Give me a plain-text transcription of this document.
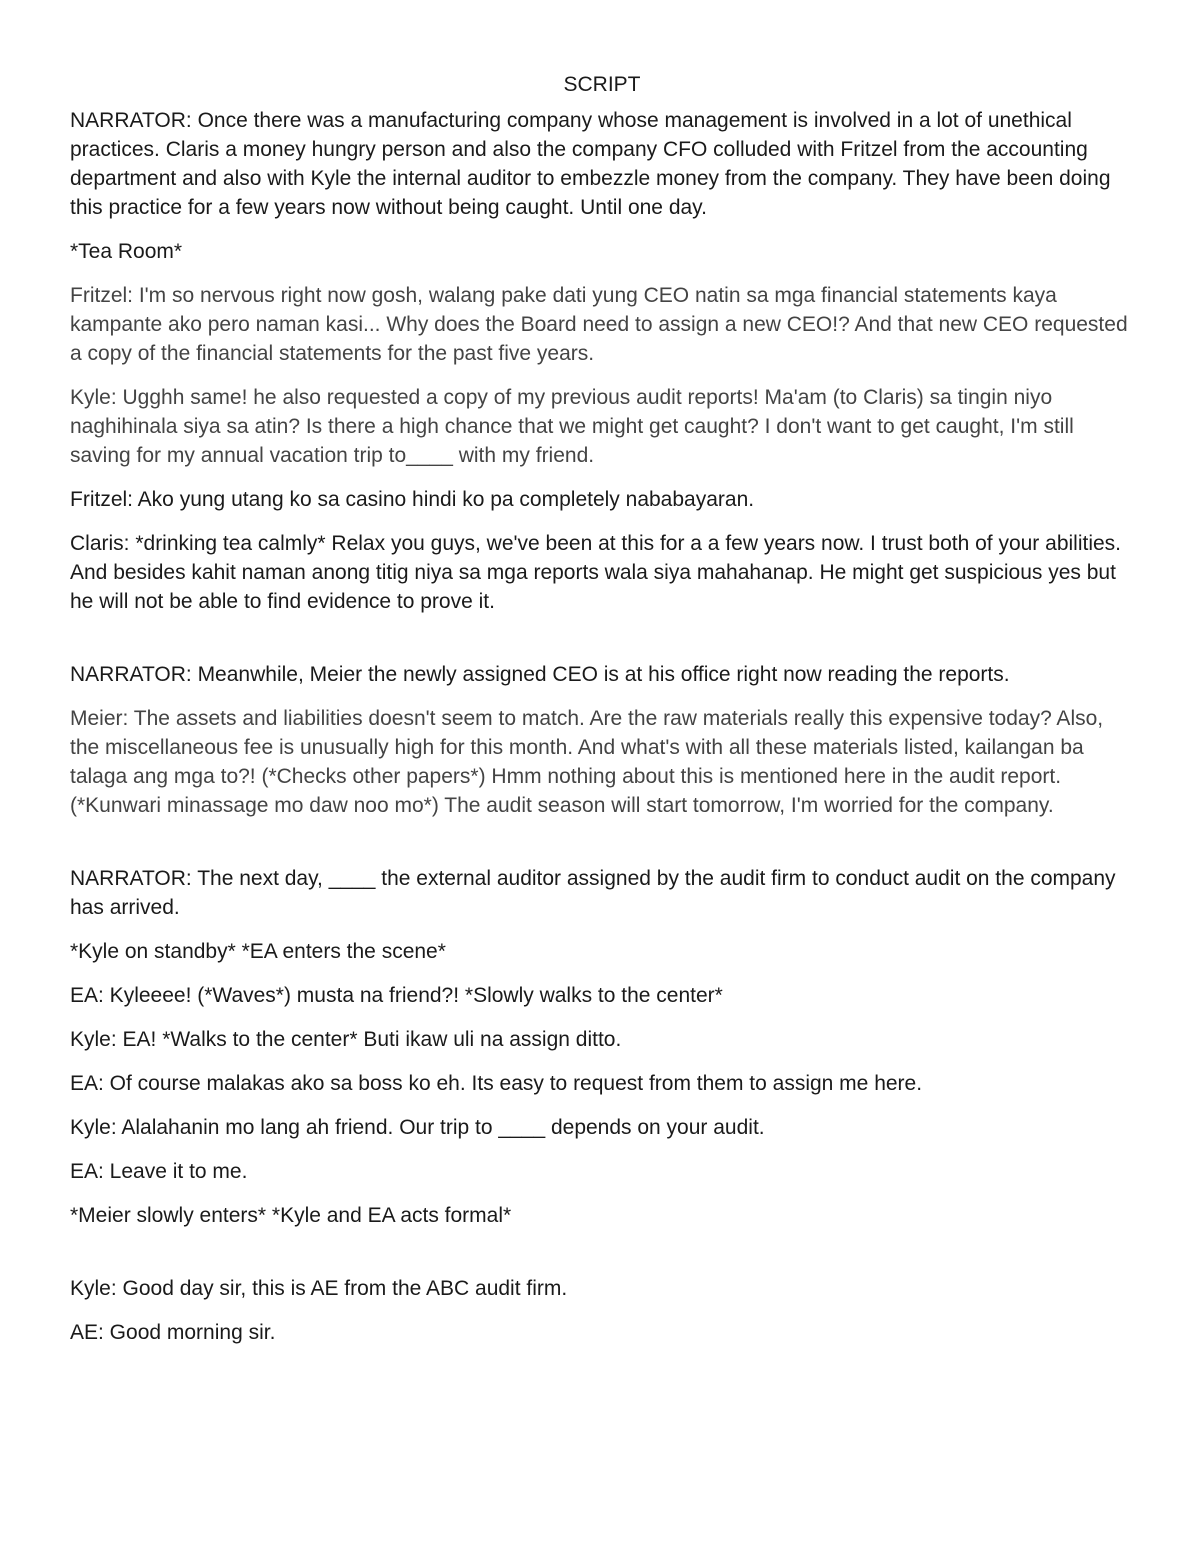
SCRIPT

NARRATOR: Once there was a manufacturing company whose management is involved in a lot of unethical practices. Claris a money hungry person and also the company CFO colluded with Fritzel from the accounting department and also with Kyle the internal auditor to embezzle money from the company. They have been doing this practice for a few years now without being caught. Until one day.

*Tea Room*

Fritzel: I'm so nervous right now gosh, walang pake dati yung CEO natin sa mga financial statements kaya kampante ako pero naman kasi... Why does the Board need to assign a new CEO!? And that new CEO requested a copy of the financial statements for the past five years.

Kyle: Ugghh same! he also requested a copy of my previous audit reports! Ma'am (to Claris) sa tingin niyo naghihinala siya sa atin? Is there a high chance that we might get caught? I don't want to get caught, I'm still saving for my annual vacation trip to____ with my friend.

Fritzel: Ako yung utang ko sa casino hindi ko pa completely nababayaran.

Claris: *drinking tea calmly* Relax you guys, we've been at this for a a few years now. I trust both of your abilities. And besides kahit naman anong titig niya sa mga reports wala siya mahahanap. He might get suspicious yes but he will not be able to find evidence to prove it.

NARRATOR: Meanwhile, Meier the newly assigned CEO is at his office right now reading the reports.

Meier: The assets and liabilities doesn't seem to match. Are the raw materials really this expensive today? Also, the miscellaneous fee is unusually high for this month. And what's with all these materials listed, kailangan ba talaga ang mga to?! (*Checks other papers*) Hmm nothing about this is mentioned here in the audit report. (*Kunwari minassage mo daw noo mo*) The audit season will start tomorrow, I'm worried for the company.

NARRATOR: The next day, ____ the external auditor assigned by the audit firm to conduct audit on the company has arrived.

*Kyle on standby* *EA enters the scene*

EA: Kyleeee! (*Waves*) musta na friend?! *Slowly walks to the center*

Kyle: EA! *Walks to the center* Buti ikaw uli na assign ditto.

EA: Of course malakas ako sa boss ko eh. Its easy to request from them to assign me here.

Kyle: Alalahanin mo lang ah friend. Our trip to ____ depends on your audit.

EA: Leave it to me.

*Meier slowly enters* *Kyle and EA acts formal*

Kyle: Good day sir, this is AE from the ABC audit firm.

AE: Good morning sir.
